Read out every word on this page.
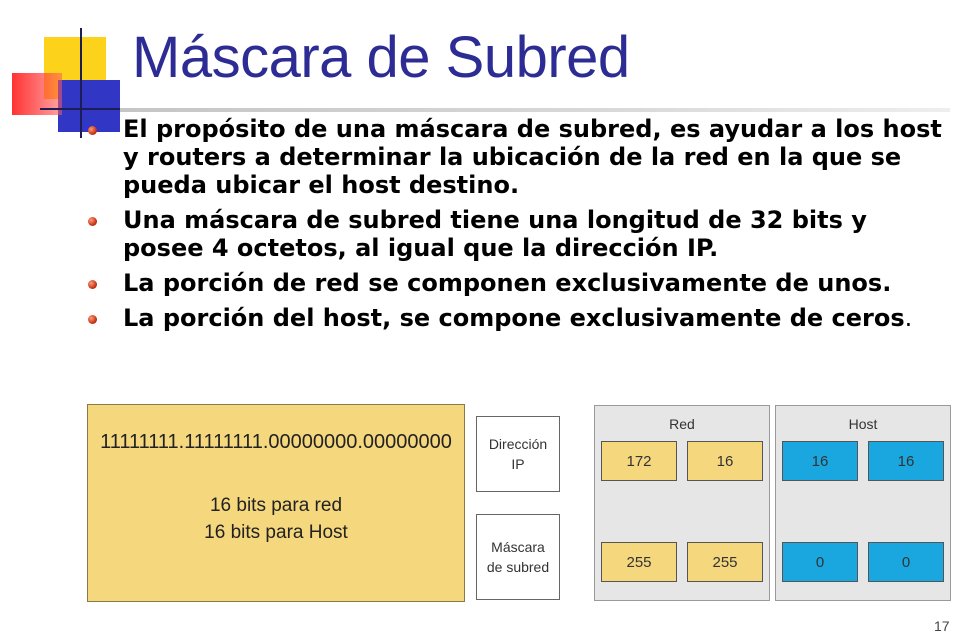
Máscara de Subred
El propósito de una máscara de subred, es ayudar a los host y routers a determinar la ubicación de la red en la que se pueda ubicar el host destino.
Una máscara de subred tiene una longitud de 32 bits y posee 4 octetos, al igual que la dirección IP.
La porción de red se componen exclusivamente de unos.
La porción del host, se compone exclusivamente de ceros.
11111111.11111111.00000000.00000000
16 bits para red
16 bits para Host
Dirección
IP
Máscara
de subred
Red
172	16
255	255
Host
16	16
0	0
17
